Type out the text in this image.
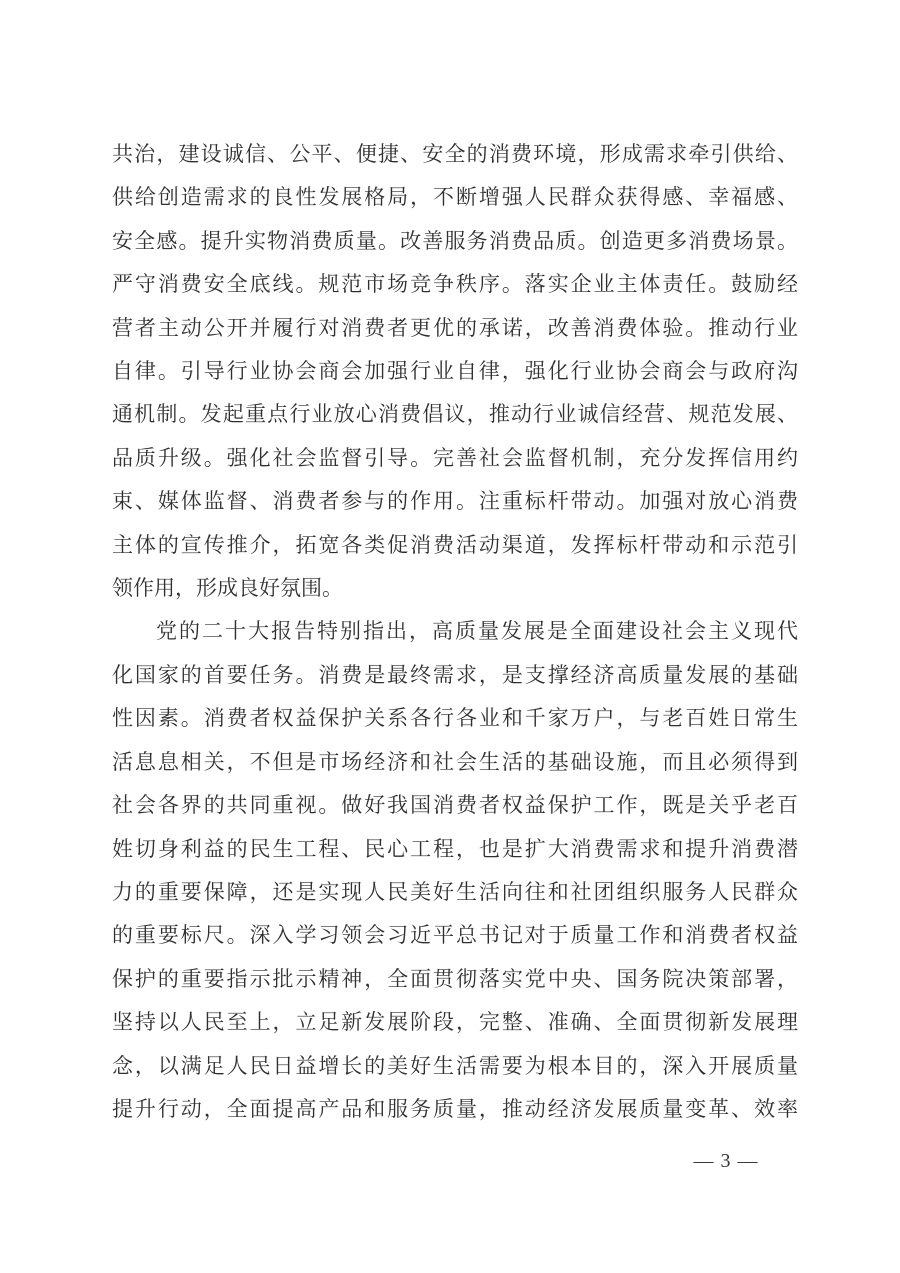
共治，建设诚信、公平、便捷、安全的消费环境，形成需求牵引供给、
供给创造需求的良性发展格局，不断增强人民群众获得感、幸福感、
安全感。提升实物消费质量。改善服务消费品质。创造更多消费场景。
严守消费安全底线。规范市场竞争秩序。落实企业主体责任。鼓励经
营者主动公开并履行对消费者更优的承诺，改善消费体验。推动行业
自律。引导行业协会商会加强行业自律，强化行业协会商会与政府沟
通机制。发起重点行业放心消费倡议，推动行业诚信经营、规范发展、
品质升级。强化社会监督引导。完善社会监督机制，充分发挥信用约
束、媒体监督、消费者参与的作用。注重标杆带动。加强对放心消费
主体的宣传推介，拓宽各类促消费活动渠道，发挥标杆带动和示范引
领作用，形成良好氛围。
党的二十大报告特别指出，高质量发展是全面建设社会主义现代
化国家的首要任务。消费是最终需求，是支撑经济高质量发展的基础
性因素。消费者权益保护关系各行各业和千家万户，与老百姓日常生
活息息相关，不但是市场经济和社会生活的基础设施，而且必须得到
社会各界的共同重视。做好我国消费者权益保护工作，既是关乎老百
姓切身利益的民生工程、民心工程，也是扩大消费需求和提升消费潜
力的重要保障，还是实现人民美好生活向往和社团组织服务人民群众
的重要标尺。深入学习领会习近平总书记对于质量工作和消费者权益
保护的重要指示批示精神，全面贯彻落实党中央、国务院决策部署，
坚持以人民至上，立足新发展阶段，完整、准确、全面贯彻新发展理
念，以满足人民日益增长的美好生活需要为根本目的，深入开展质量
提升行动，全面提高产品和服务质量，推动经济发展质量变革、效率
— 3 —
